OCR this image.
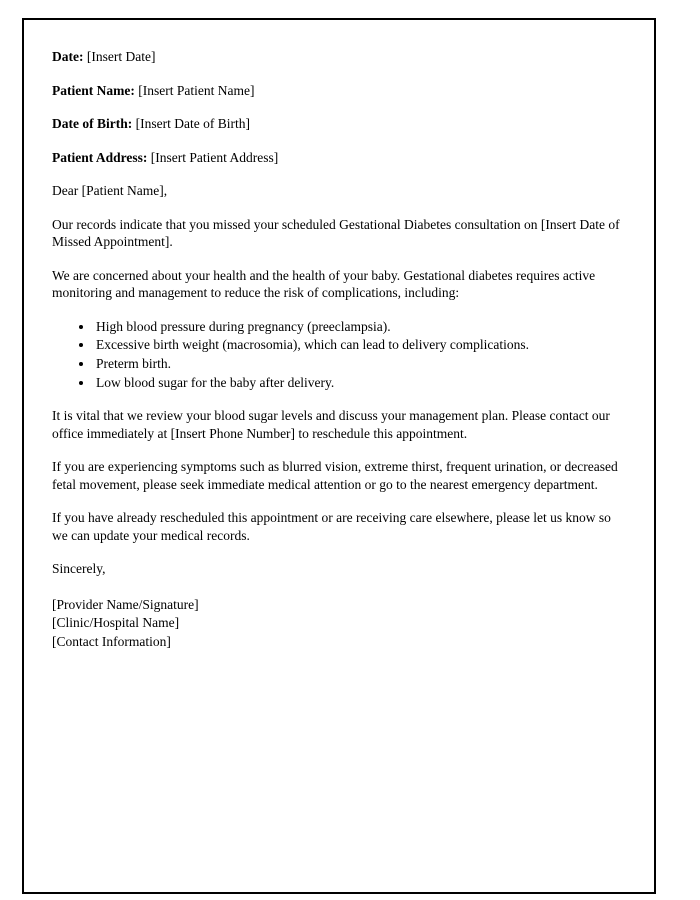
Date: [Insert Date]

Patient Name: [Insert Patient Name]

Date of Birth: [Insert Date of Birth]

Patient Address: [Insert Patient Address]

Dear [Patient Name],

Our records indicate that you missed your scheduled Gestational Diabetes consultation on [Insert Date of Missed Appointment].

We are concerned about your health and the health of your baby. Gestational diabetes requires active monitoring and management to reduce the risk of complications, including:

• High blood pressure during pregnancy (preeclampsia).
• Excessive birth weight (macrosomia), which can lead to delivery complications.
• Preterm birth.
• Low blood sugar for the baby after delivery.

It is vital that we review your blood sugar levels and discuss your management plan. Please contact our office immediately at [Insert Phone Number] to reschedule this appointment.

If you are experiencing symptoms such as blurred vision, extreme thirst, frequent urination, or decreased fetal movement, please seek immediate medical attention or go to the nearest emergency department.

If you have already rescheduled this appointment or are receiving care elsewhere, please let us know so we can update your medical records.

Sincerely,

[Provider Name/Signature]

[Clinic/Hospital Name]

[Contact Information]
